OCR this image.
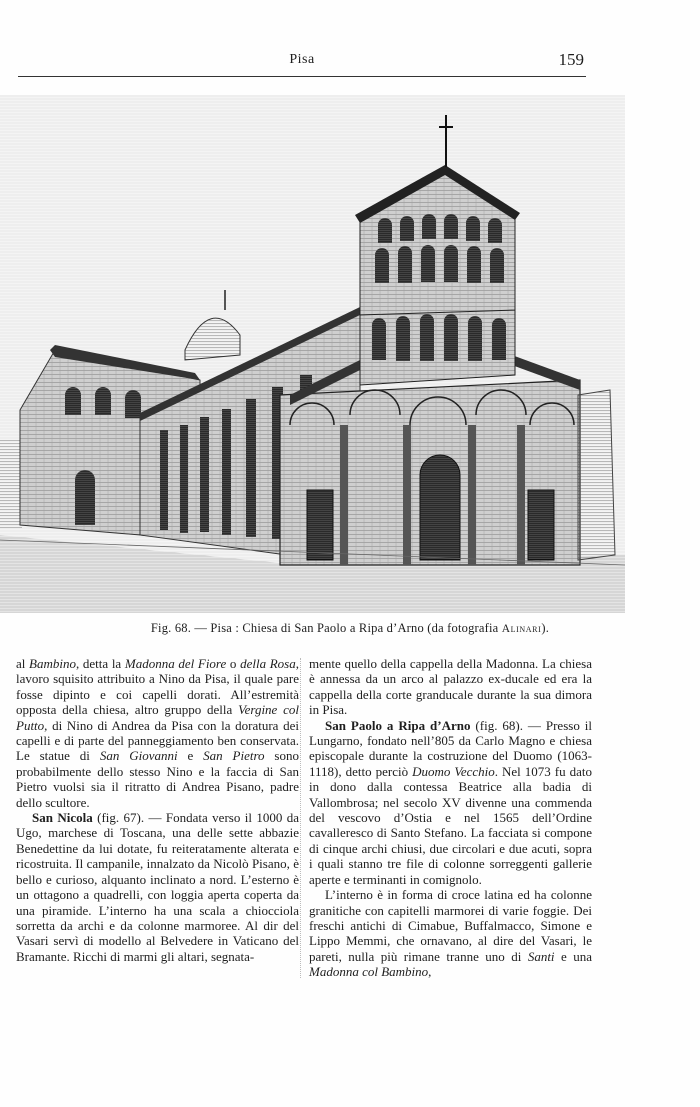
Pisa	159
Fig. 68. — Pisa : Chiesa di San Paolo a Ripa d’Arno (da fotografia Alinari).

al Bambino, detta la Madonna del Fiore o della Rosa, lavoro squisito attribuito a Nino da Pisa, il quale pare fosse dipinto e coi capelli dorati. All’estremità opposta della chiesa, altro gruppo della Vergine col Putto, di Nino di Andrea da Pisa con la doratura dei capelli e di parte del panneggiamento ben conservata. Le statue di San Giovanni e San Pietro sono probabilmente dello stesso Nino e la faccia di San Pietro vuolsi sia il ritratto di Andrea Pisano, padre dello scultore.

San Nicola (fig. 67). — Fondata verso il 1000 da Ugo, marchese di Toscana, una delle sette abbazie Benedettine da lui dotate, fu reiteratamente alterata e ricostruita. Il campanile, innalzato da Nicolò Pisano, è bello e curioso, alquanto inclinato a nord. L’esterno è un ottagono a quadrelli, con loggia aperta coperta da una piramide. L’interno ha una scala a chiocciola sorretta da archi e da colonne marmoree. Al dir del Vasari servì di modello al Belvedere in Vaticano del Bramante. Ricchi di marmi gli altari, segnata-

mente quello della cappella della Madonna. La chiesa è annessa da un arco al palazzo ex-ducale ed era la cappella della corte granducale durante la sua dimora in Pisa.

San Paolo a Ripa d’Arno (fig. 68). — Presso il Lungarno, fondato nell’805 da Carlo Magno e chiesa episcopale durante la costruzione del Duomo (1063-1118), detto perciò Duomo Vecchio. Nel 1073 fu dato in dono dalla contessa Beatrice alla badia di Vallombrosa; nel secolo XV divenne una commenda del vescovo d’Ostia e nel 1565 dell’Ordine cavalleresco di Santo Stefano. La facciata si compone di cinque archi chiusi, due circolari e due acuti, sopra i quali stanno tre file di colonne sorreggenti gallerie aperte e terminanti in comignolo.

L’interno è in forma di croce latina ed ha colonne granitiche con capitelli marmorei di varie foggie. Dei freschi antichi di Cimabue, Buffalmacco, Simone e Lippo Memmi, che ornavano, al dire del Vasari, le pareti, nulla più rimane tranne uno di Santi e una Madonna col Bambino,
